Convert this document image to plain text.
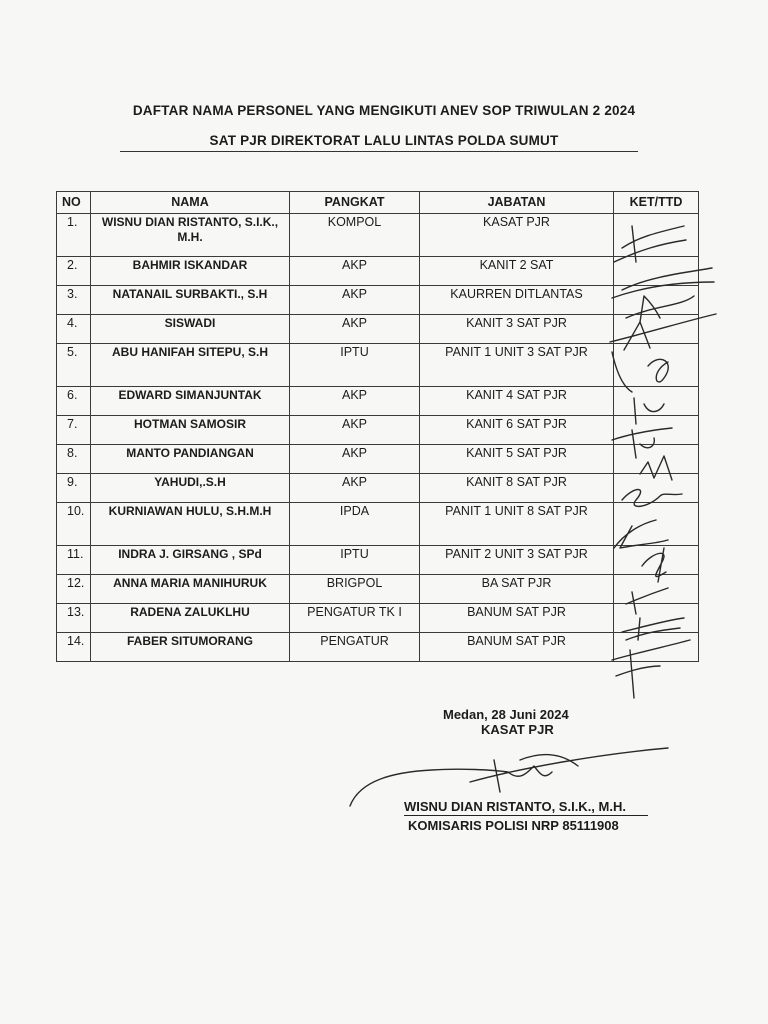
DAFTAR NAMA PERSONEL YANG MENGIKUTI ANEV SOP TRIWULAN 2 2024
SAT PJR DIREKTORAT LALU LINTAS POLDA SUMUT
NO	NAMA	PANGKAT	JABATAN	KET/TTD
1.	WISNU DIAN RISTANTO, S.I.K., M.H.	KOMPOL	KASAT PJR	
2.	BAHMIR ISKANDAR	AKP	KANIT 2 SAT	
3.	NATANAIL SURBAKTI., S.H	AKP	KAURREN DITLANTAS	
4.	SISWADI	AKP	KANIT 3 SAT PJR	
5.	ABU HANIFAH SITEPU, S.H	IPTU	PANIT 1 UNIT 3 SAT PJR	
6.	EDWARD SIMANJUNTAK	AKP	KANIT 4 SAT PJR	
7.	HOTMAN SAMOSIR	AKP	KANIT 6 SAT PJR	
8.	MANTO PANDIANGAN	AKP	KANIT 5 SAT PJR	
9.	YAHUDI,.S.H	AKP	KANIT 8 SAT PJR	
10.	KURNIAWAN HULU, S.H.M.H	IPDA	PANIT 1 UNIT 8 SAT PJR	
11.	INDRA J. GIRSANG , SPd	IPTU	PANIT 2 UNIT 3 SAT PJR	
12.	ANNA MARIA MANIHURUK	BRIGPOL	BA SAT PJR	
13.	RADENA ZALUKLHU	PENGATUR TK I	BANUM SAT PJR	
14.	FABER SITUMORANG	PENGATUR	BANUM SAT PJR	
Medan, 28 Juni 2024
KASAT PJR
WISNU DIAN RISTANTO, S.I.K., M.H.
KOMISARIS POLISI NRP 85111908
